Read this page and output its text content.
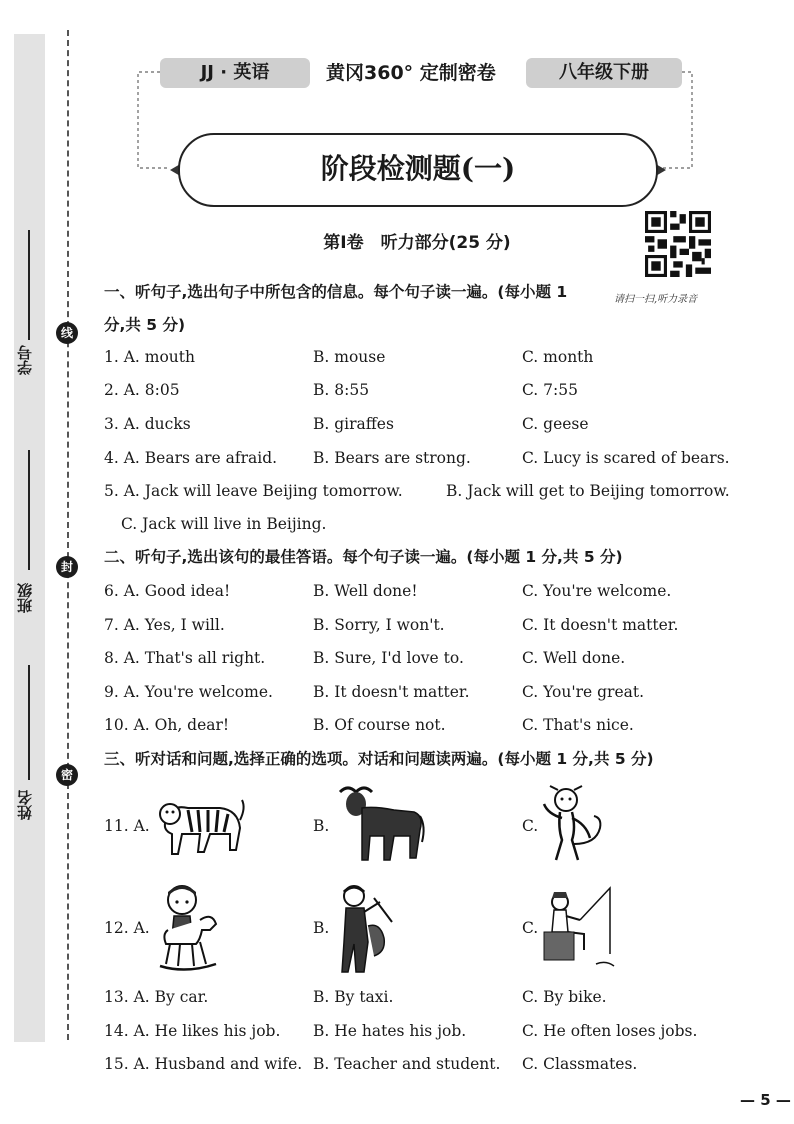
学号
班级
姓名
线
封
密
JJ · 英语	黄冈360° 定制密卷	八年级下册
阶段检测题(一)
第Ⅰ卷　听力部分(25 分)
请扫一扫,听力录音
一、听句子,选出句子中所包含的信息。每个句子读一遍。(每小题 1
分,共 5 分)
1. A. mouth	B. mouse	C. month
2. A. 8:05	B. 8:55	C. 7:55
3. A. ducks	B. giraffes	C. geese
4. A. Bears are afraid. B. Bears are strong.	C. Lucy is scared of bears.
5. A. Jack will leave Beijing tomorrow.	B. Jack will get to Beijing tomorrow.
C. Jack will live in Beijing.
二、听句子,选出该句的最佳答语。每个句子读一遍。(每小题 1 分,共 5 分)
6. A. Good idea!	B. Well done!	C. You're welcome.
7. A. Yes, I will.	B. Sorry, I won't.	C. It doesn't matter.
8. A. That's all right.	B. Sure, I'd love to.	C. Well done.
9. A. You're welcome.	B. It doesn't matter.	C. You're great.
10. A. Oh, dear!	B. Of course not.	C. That's nice.
三、听对话和问题,选择正确的选项。对话和问题读两遍。(每小题 1 分,共 5 分)
11. A.	B.	C.
12. A.	B.	C.
13. A. By car.	B. By taxi.	C. By bike.
14. A. He likes his job. B. He hates his job.	C. He often loses jobs.
15. A. Husband and wife. B. Teacher and student. C. Classmates.
— 5 —
